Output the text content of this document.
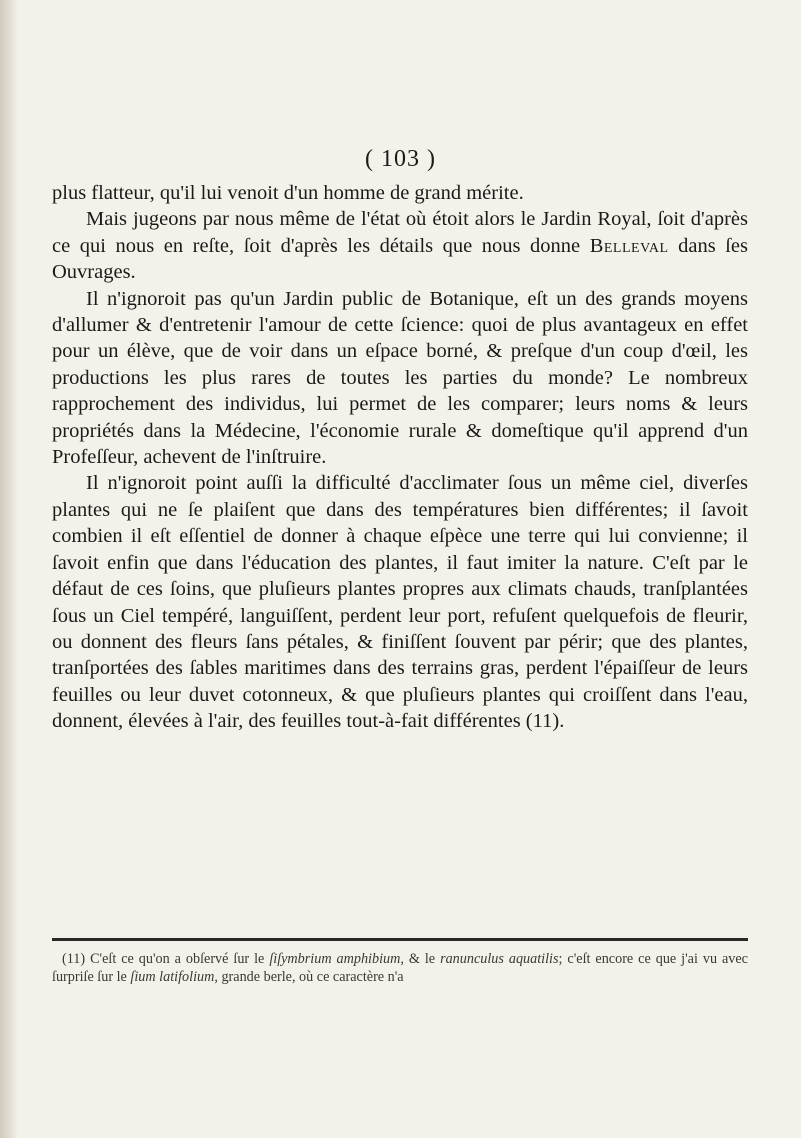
( 103 )

plus flatteur, qu'il lui venoit d'un homme de grand mérite.

Mais jugeons par nous même de l'état où étoit alors le Jardin Royal, ſoit d'après ce qui nous en reſte, ſoit d'après les détails que nous donne Belleval dans ſes Ouvrages.

Il n'ignoroit pas qu'un Jardin public de Botanique, eſt un des grands moyens d'allumer & d'entretenir l'amour de cette ſcience: quoi de plus avantageux en effet pour un élève, que de voir dans un eſpace borné, & preſque d'un coup d'œil, les productions les plus rares de toutes les parties du monde? Le nombreux rapprochement des individus, lui permet de les comparer; leurs noms & leurs propriétés dans la Médecine, l'économie rurale & domeſtique qu'il apprend d'un Profeſſeur, achevent de l'inſtruire.

Il n'ignoroit point auſſi la difficulté d'acclimater ſous un même ciel, diverſes plantes qui ne ſe plaiſent que dans des températures bien différentes; il ſavoit combien il eſt eſſentiel de donner à chaque eſpèce une terre qui lui convienne; il ſavoit enfin que dans l'éducation des plantes, il faut imiter la nature. C'eſt par le défaut de ces ſoins, que pluſieurs plantes propres aux climats chauds, tranſplantées ſous un Ciel tempéré, languiſſent, perdent leur port, refuſent quelquefois de fleurir, ou donnent des fleurs ſans pétales, & finiſſent ſouvent par périr; que des plantes, tranſportées des ſables maritimes dans des terrains gras, perdent l'épaiſſeur de leurs feuilles ou leur duvet cotonneux, & que pluſieurs plantes qui croiſſent dans l'eau, donnent, élevées à l'air, des feuilles tout-à-fait différentes (11).

(11) C'eſt ce qu'on a obſervé ſur le ſiſymbrium amphibium, & le ranunculus aquatilis; c'eſt encore ce que j'ai vu avec ſurpriſe ſur le ſium latifolium, grande berle, où ce caractère n'a
